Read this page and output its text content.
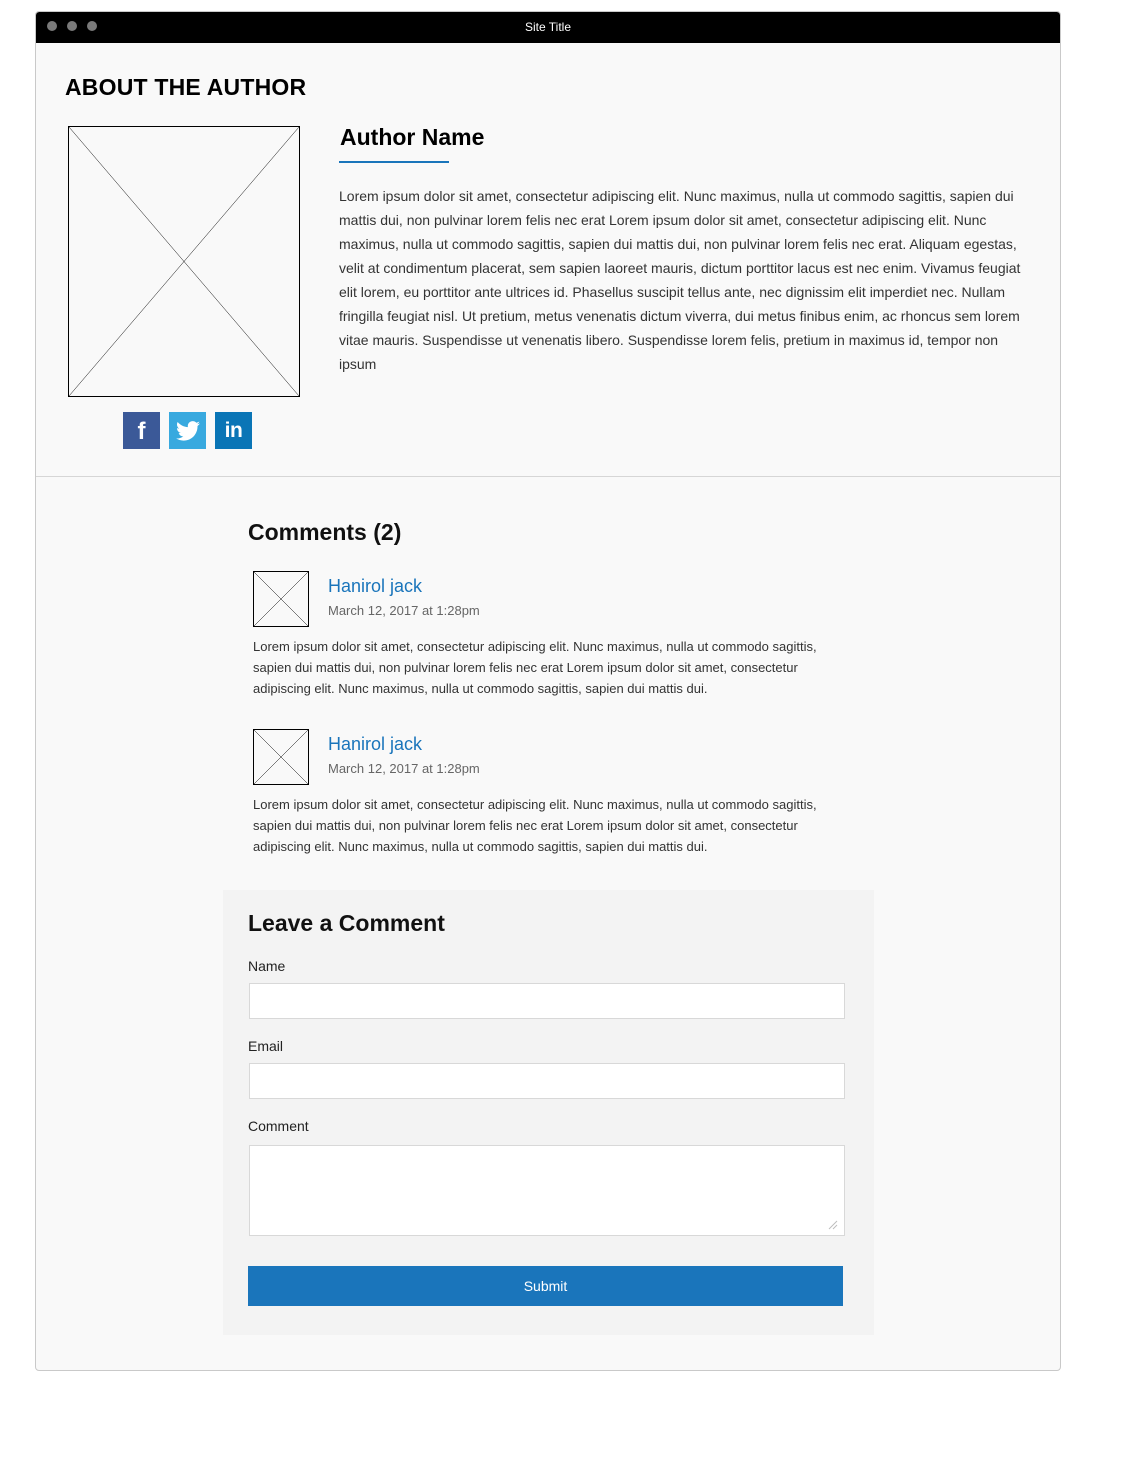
Site Title
ABOUT THE AUTHOR
f	in
Author Name

Lorem ipsum dolor sit amet, consectetur adipiscing elit. Nunc maximus, nulla ut commodo sagittis, sapien dui mattis dui, non pulvinar lorem felis nec erat Lorem ipsum dolor sit amet, consectetur adipiscing elit. Nunc maximus, nulla ut commodo sagittis, sapien dui mattis dui, non pulvinar lorem felis nec erat. Aliquam egestas, velit at condimentum placerat, sem sapien laoreet mauris, dictum porttitor lacus est nec enim. Vivamus feugiat elit lorem, eu porttitor ante ultrices id. Phasellus suscipit tellus ante, nec dignissim elit imperdiet nec. Nullam fringilla feugiat nisl. Ut pretium, metus venenatis dictum viverra, dui metus finibus enim, ac rhoncus sem lorem vitae mauris. Suspendisse ut venenatis libero. Suspendisse lorem felis, pretium in maximus id, tempor non ipsum

Comments (2)
Hanirol jack
March 12, 2017 at 1:28pm

Lorem ipsum dolor sit amet, consectetur adipiscing elit. Nunc maximus, nulla ut commodo sagittis, sapien dui mattis dui, non pulvinar lorem felis nec erat Lorem ipsum dolor sit amet, consectetur adipiscing elit. Nunc maximus, nulla ut commodo sagittis, sapien dui mattis dui.

Hanirol jack
March 12, 2017 at 1:28pm

Lorem ipsum dolor sit amet, consectetur adipiscing elit. Nunc maximus, nulla ut commodo sagittis, sapien dui mattis dui, non pulvinar lorem felis nec erat Lorem ipsum dolor sit amet, consectetur adipiscing elit. Nunc maximus, nulla ut commodo sagittis, sapien dui mattis dui.

Leave a Comment
Name
Email
Comment
Submit
